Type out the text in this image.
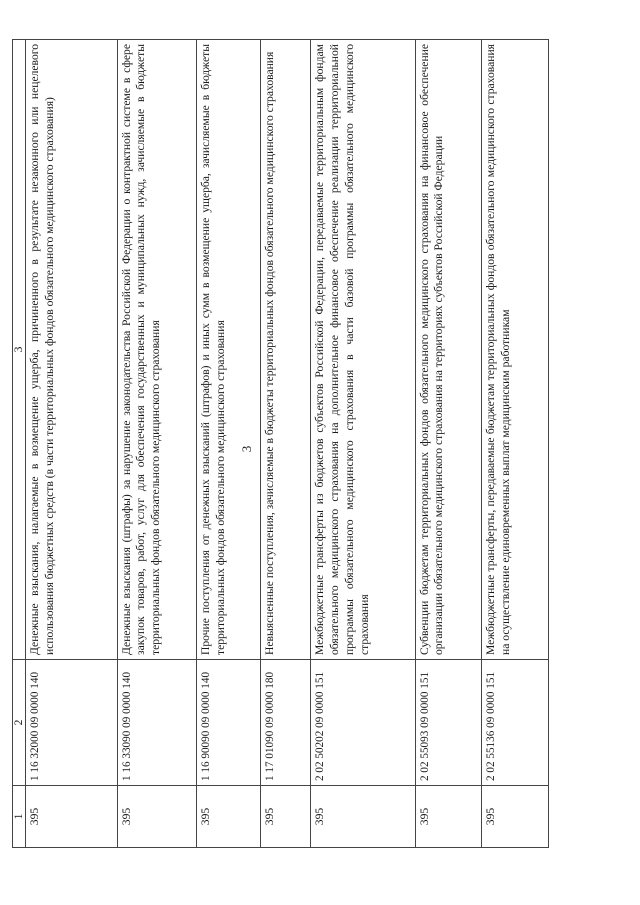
3
1	2	3
395	1 16 32000 09 0000 140	Денежные взыскания, налагаемые в возмещение ущерба, причиненного в результате незаконного или нецелевого использования бюджетных средств (в части территориальных фондов обязательного медицинского страхования)
395	1 16 33090 09 0000 140	Денежные взыскания (штрафы) за нарушение законодательства Российской Федерации о контрактной системе в сфере закупок товаров, работ, услуг для обеспечения государственных и муниципальных нужд, зачисляемые в бюджеты территориальных фондов обязательного медицинского страхования
395	1 16 90090 09 0000 140	Прочие поступления от денежных взысканий (штрафов) и иных сумм в возмещение ущерба, зачисляемые в бюджеты территориальных фондов обязательного медицинского страхования
395	1 17 01090 09 0000 180	Невыясненные поступления, зачисляемые в бюджеты территориальных фондов обязательного медицинского страхования
395	2 02 50202 09 0000 151	Межбюджетные трансферты из бюджетов субъектов Российской Федерации, передаваемые территориальным фондам обязательного медицинского страхования на дополнительное финансовое обеспечение реализации территориальной программы обязательного медицинского страхования в части базовой программы обязательного медицинского страхования
395	2 02 55093 09 0000 151	Субвенции бюджетам территориальных фондов обязательного медицинского страхования на финансовое обеспечение организации обязательного медицинского страхования на территориях субъектов Российской Федерации
395	2 02 55136 09 0000 151	Межбюджетные трансферты, передаваемые бюджетам территориальных фондов обязательного медицинского страхования на осуществление единовременных выплат медицинским работникам
